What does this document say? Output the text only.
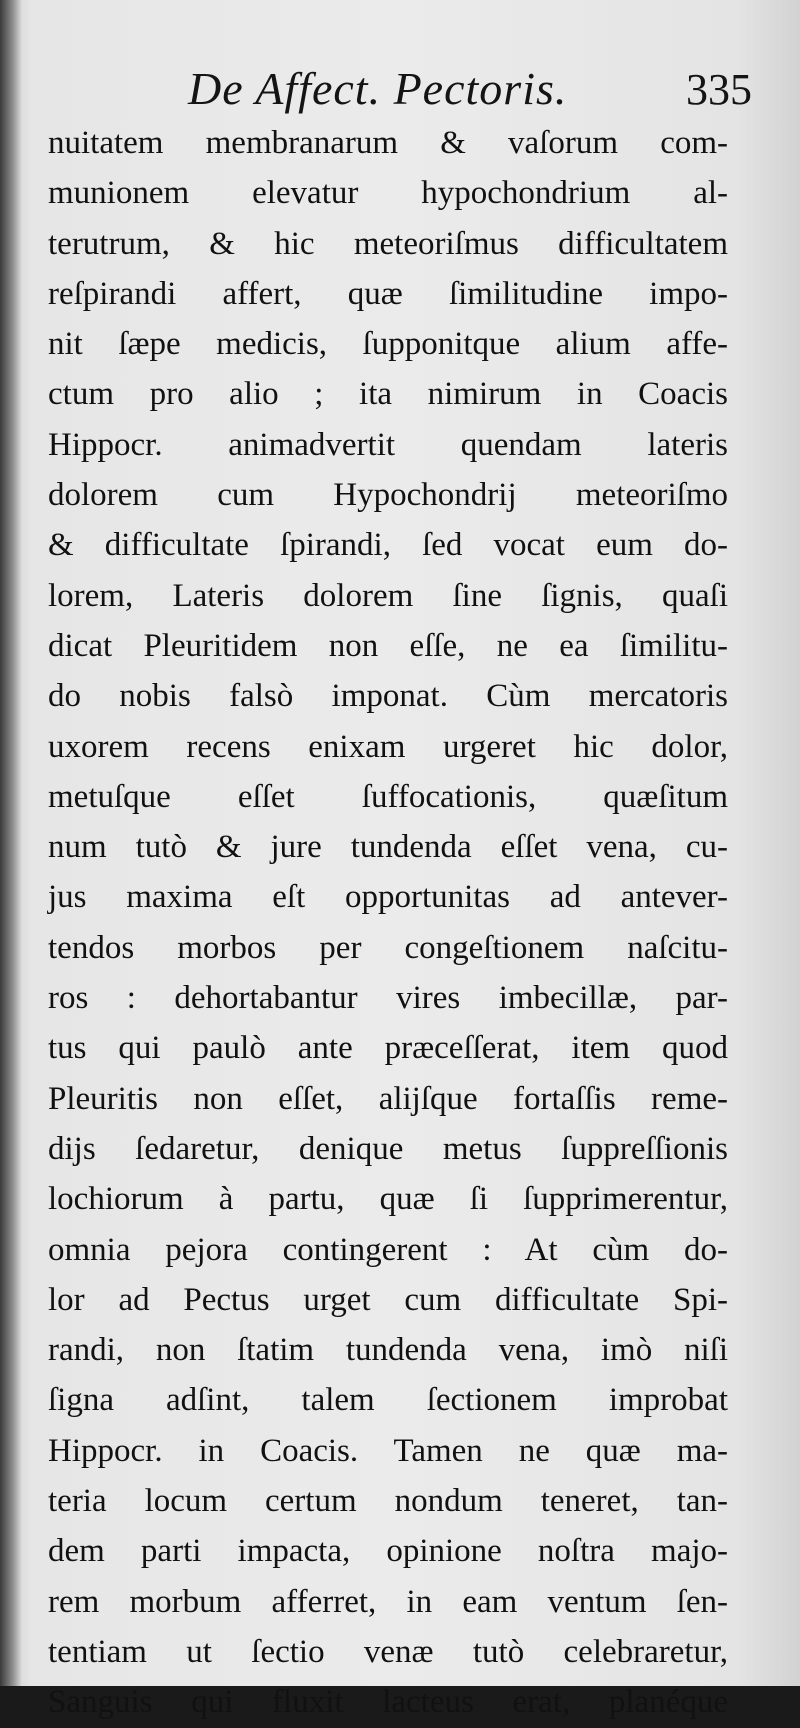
De Affect. Pectoris.	335
nuitatem membranarum & vaſorum com-
munionem elevatur hypochondrium al-
terutrum, & hic meteoriſmus difficultatem
reſpirandi affert, quæ ſimilitudine impo-
nit ſæpe medicis, ſupponitque alium affe-
ctum pro alio ; ita nimirum in Coacis
Hippocr. animadvertit quendam lateris
dolorem cum Hypochondrij meteoriſmo
& difficultate ſpirandi, ſed vocat eum do-
lorem, Lateris dolorem ſine ſignis, quaſi
dicat Pleuritidem non eſſe, ne ea ſimilitu-
do nobis falsò imponat. Cùm mercatoris
uxorem recens enixam urgeret hic dolor,
metuſque eſſet ſuffocationis, quæſitum
num tutò & jure tundenda eſſet vena, cu-
jus maxima eſt opportunitas ad antever-
tendos morbos per congeſtionem naſcitu-
ros : dehortabantur vires imbecillæ, par-
tus qui paulò ante præceſſerat, item quod
Pleuritis non eſſet, alijſque fortaſſis reme-
dijs ſedaretur, denique metus ſuppreſſionis
lochiorum à partu, quæ ſi ſupprimerentur,
omnia pejora contingerent : At cùm do-
lor ad Pectus urget cum difficultate Spi-
randi, non ſtatim tundenda vena, imò niſi
ſigna adſint, talem ſectionem improbat
Hippocr. in Coacis. Tamen ne quæ ma-
teria locum certum nondum teneret, tan-
dem parti impacta, opinione noſtra majo-
rem morbum afferret, in eam ventum ſen-
tentiam ut ſectio venæ tutò celebraretur,
Sanguis qui fluxit lacteus erat, planéque
